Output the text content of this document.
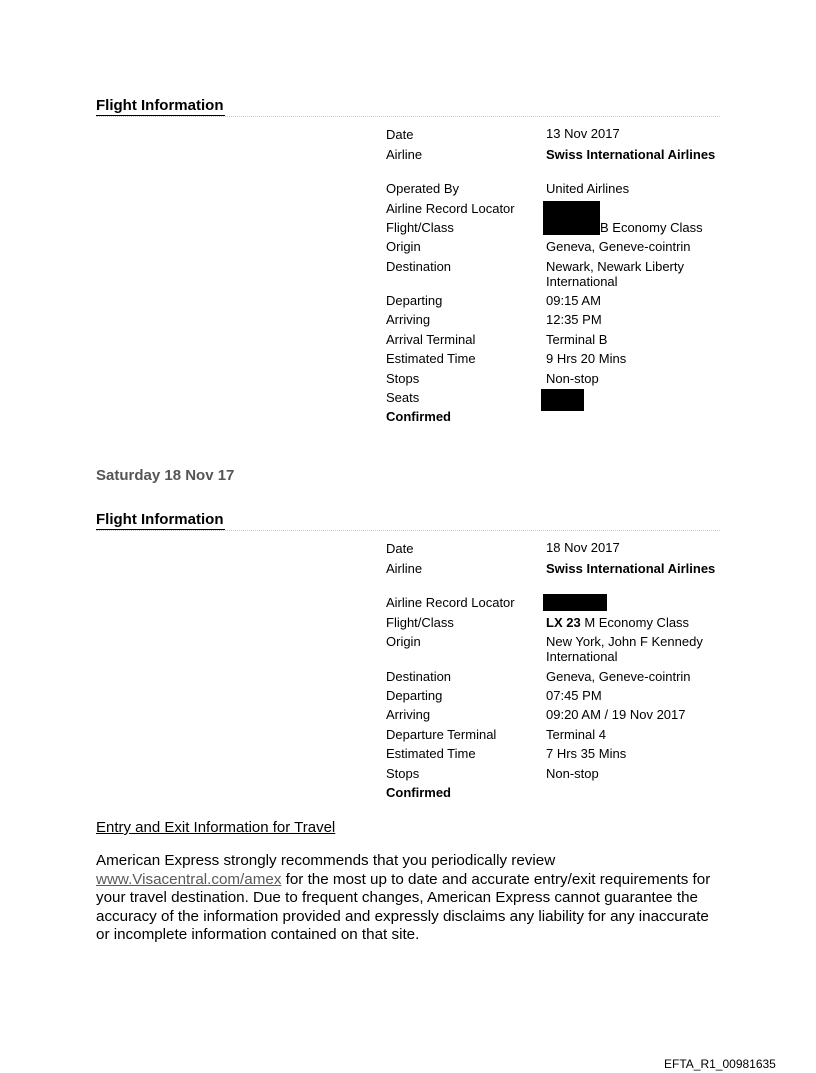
Flight Information
Date	13 Nov 2017
Airline	Swiss International Airlines
Operated By	United Airlines
Airline Record Locator
Flight/Class	B Economy Class
Origin	Geneva, Geneve-cointrin
Destination	Newark, Newark Liberty International
Departing	09:15 AM
Arriving	12:35 PM
Arrival Terminal	Terminal B
Estimated Time	9 Hrs 20 Mins
Stops	Non-stop
Seats
Confirmed
Saturday 18 Nov 17
Flight Information
Date	18 Nov 2017
Airline	Swiss International Airlines
Airline Record Locator
Flight/Class	LX 23 M Economy Class
Origin	New York, John F Kennedy International
Destination	Geneva, Geneve-cointrin
Departing	07:45 PM
Arriving	09:20 AM / 19 Nov 2017
Departure Terminal	Terminal 4
Estimated Time	7 Hrs 35 Mins
Stops	Non-stop
Confirmed
Entry and Exit Information for Travel
American Express strongly recommends that you periodically review www.Visacentral.com/amex for the most up to date and accurate entry/exit requirements for your travel destination. Due to frequent changes, American Express cannot guarantee the accuracy of the information provided and expressly disclaims any liability for any inaccurate or incomplete information contained on that site.
EFTA_R1_00981635
